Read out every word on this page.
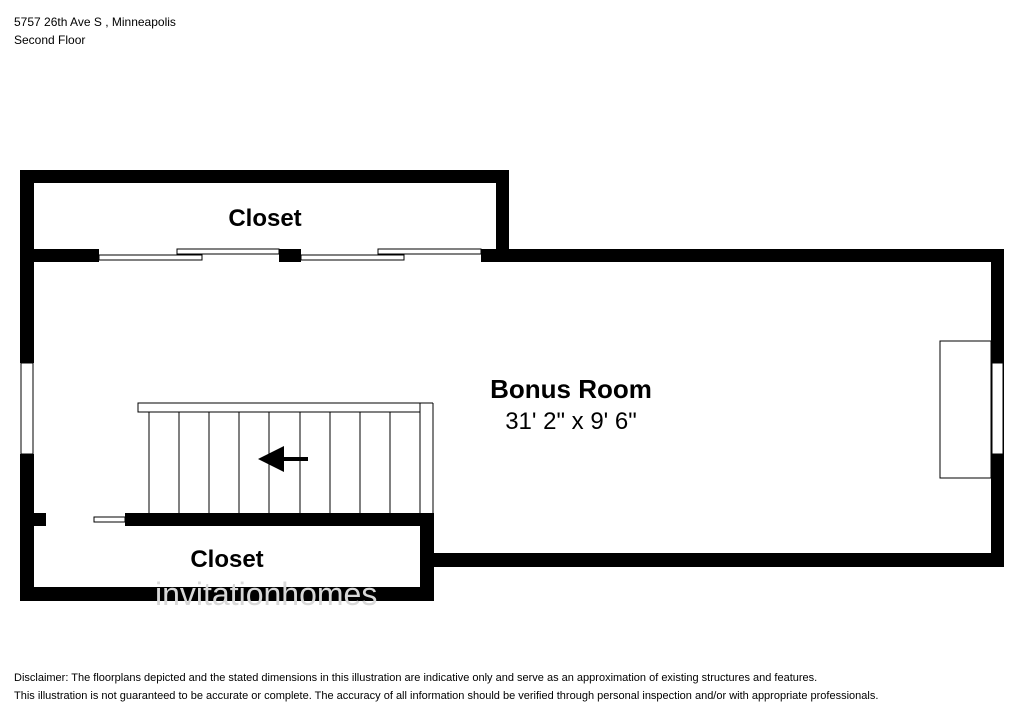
5757 26th Ave S , Minneapolis
Second Floor
invitationhomes
Closet
Bonus Room
31' 2" x 9' 6"
Closet
Disclaimer: The floorplans depicted and the stated dimensions in this illustration are indicative only and serve as an approximation of existing structures and features.
This illustration is not guaranteed to be accurate or complete. The accuracy of all information should be verified through personal inspection and/or with appropriate professionals.
